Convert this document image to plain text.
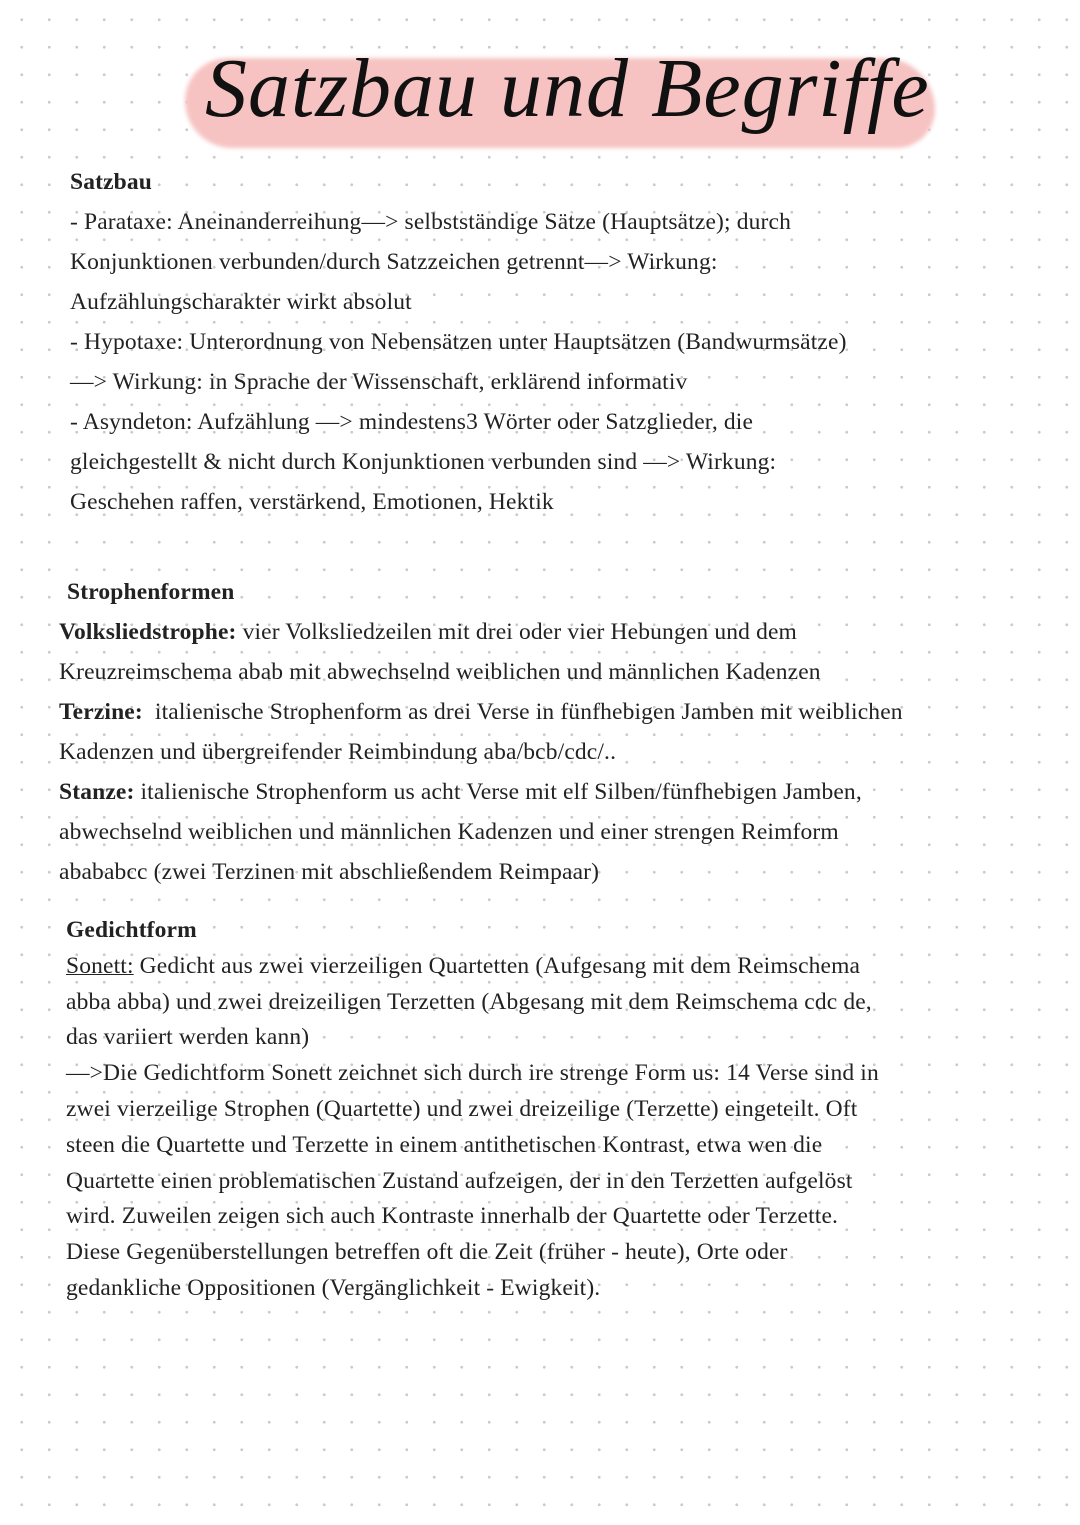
Satzbau und Begriffe
Satzbau
- Parataxe: Aneinanderreihung—> selbstständige Sätze (Hauptsätze); durch
Konjunktionen verbunden/durch Satzzeichen getrennt—> Wirkung:
Aufzählungscharakter wirkt absolut
- Hypotaxe: Unterordnung von Nebensätzen unter Hauptsätzen (Bandwurmsätze)
—> Wirkung: in Sprache der Wissenschaft, erklärend informativ
- Asyndeton: Aufzählung —> mindestens3 Wörter oder Satzglieder, die
gleichgestellt & nicht durch Konjunktionen verbunden sind —> Wirkung:
Geschehen raffen, verstärkend, Emotionen, Hektik
Strophenformen
Volksliedstrophe: vier Volksliedzeilen mit drei oder vier Hebungen und dem
Kreuzreimschema abab mit abwechselnd weiblichen und männlichen Kadenzen
Terzine:  italienische Strophenform as drei Verse in fünfhebigen Jamben mit weiblichen
Kadenzen und übergreifender Reimbindung aba/bcb/cdc/..
Stanze: italienische Strophenform us acht Verse mit elf Silben/fünfhebigen Jamben,
abwechselnd weiblichen und männlichen Kadenzen und einer strengen Reimform
abababcc (zwei Terzinen mit abschließendem Reimpaar)
Gedichtform
Sonett: Gedicht aus zwei vierzeiligen Quartetten (Aufgesang mit dem Reimschema
abba abba) und zwei dreizeiligen Terzetten (Abgesang mit dem Reimschema cdc de,
das variiert werden kann)
—>Die Gedichtform Sonett zeichnet sich durch ire strenge Form us: 14 Verse sind in
zwei vierzeilige Strophen (Quartette) und zwei dreizeilige (Terzette) eingeteilt. Oft
steen die Quartette und Terzette in einem antithetischen Kontrast, etwa wen die
Quartette einen problematischen Zustand aufzeigen, der in den Terzetten aufgelöst
wird. Zuweilen zeigen sich auch Kontraste innerhalb der Quartette oder Terzette.
Diese Gegenüberstellungen betreffen oft die Zeit (früher - heute), Orte oder
gedankliche Oppositionen (Vergänglichkeit - Ewigkeit).
